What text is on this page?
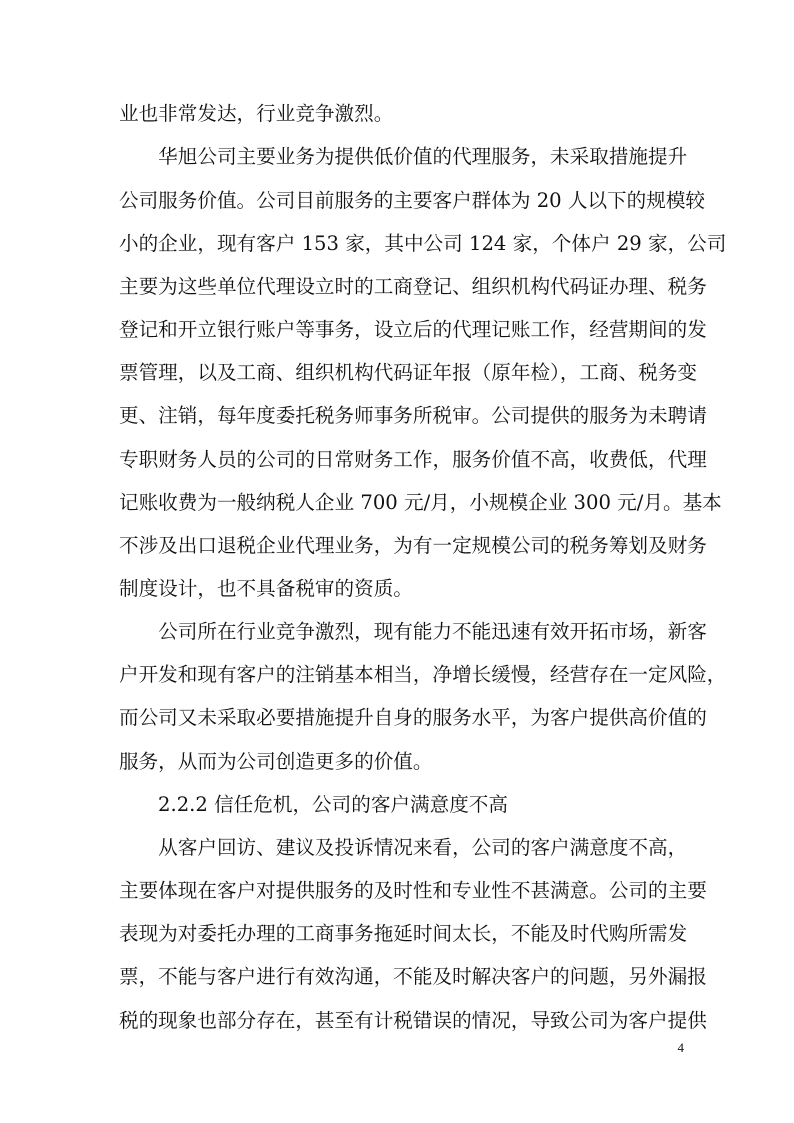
业也非常发达，行业竞争激烈。
　　华旭公司主要业务为提供低价值的代理服务，未采取措施提升
公司服务价值。公司目前服务的主要客户群体为 20 人以下的规模较
小的企业，现有客户 153 家，其中公司 124 家，个体户 29 家，公司
主要为这些单位代理设立时的工商登记、组织机构代码证办理、税务
登记和开立银行账户等事务，设立后的代理记账工作，经营期间的发
票管理，以及工商、组织机构代码证年报（原年检），工商、税务变
更、注销，每年度委托税务师事务所税审。公司提供的服务为未聘请
专职财务人员的公司的日常财务工作，服务价值不高，收费低，代理
记账收费为一般纳税人企业 700 元/月，小规模企业 300 元/月。基本
不涉及出口退税企业代理业务，为有一定规模公司的税务筹划及财务
制度设计，也不具备税审的资质。
　　公司所在行业竞争激烈，现有能力不能迅速有效开拓市场，新客
户开发和现有客户的注销基本相当，净增长缓慢，经营存在一定风险，
而公司又未采取必要措施提升自身的服务水平，为客户提供高价值的
服务，从而为公司创造更多的价值。
2.2.2 信任危机，公司的客户满意度不高
　　从客户回访、建议及投诉情况来看，公司的客户满意度不高，
主要体现在客户对提供服务的及时性和专业性不甚满意。公司的主要
表现为对委托办理的工商事务拖延时间太长，不能及时代购所需发
票，不能与客户进行有效沟通，不能及时解决客户的问题，另外漏报
税的现象也部分存在，甚至有计税错误的情况，导致公司为客户提供
4
